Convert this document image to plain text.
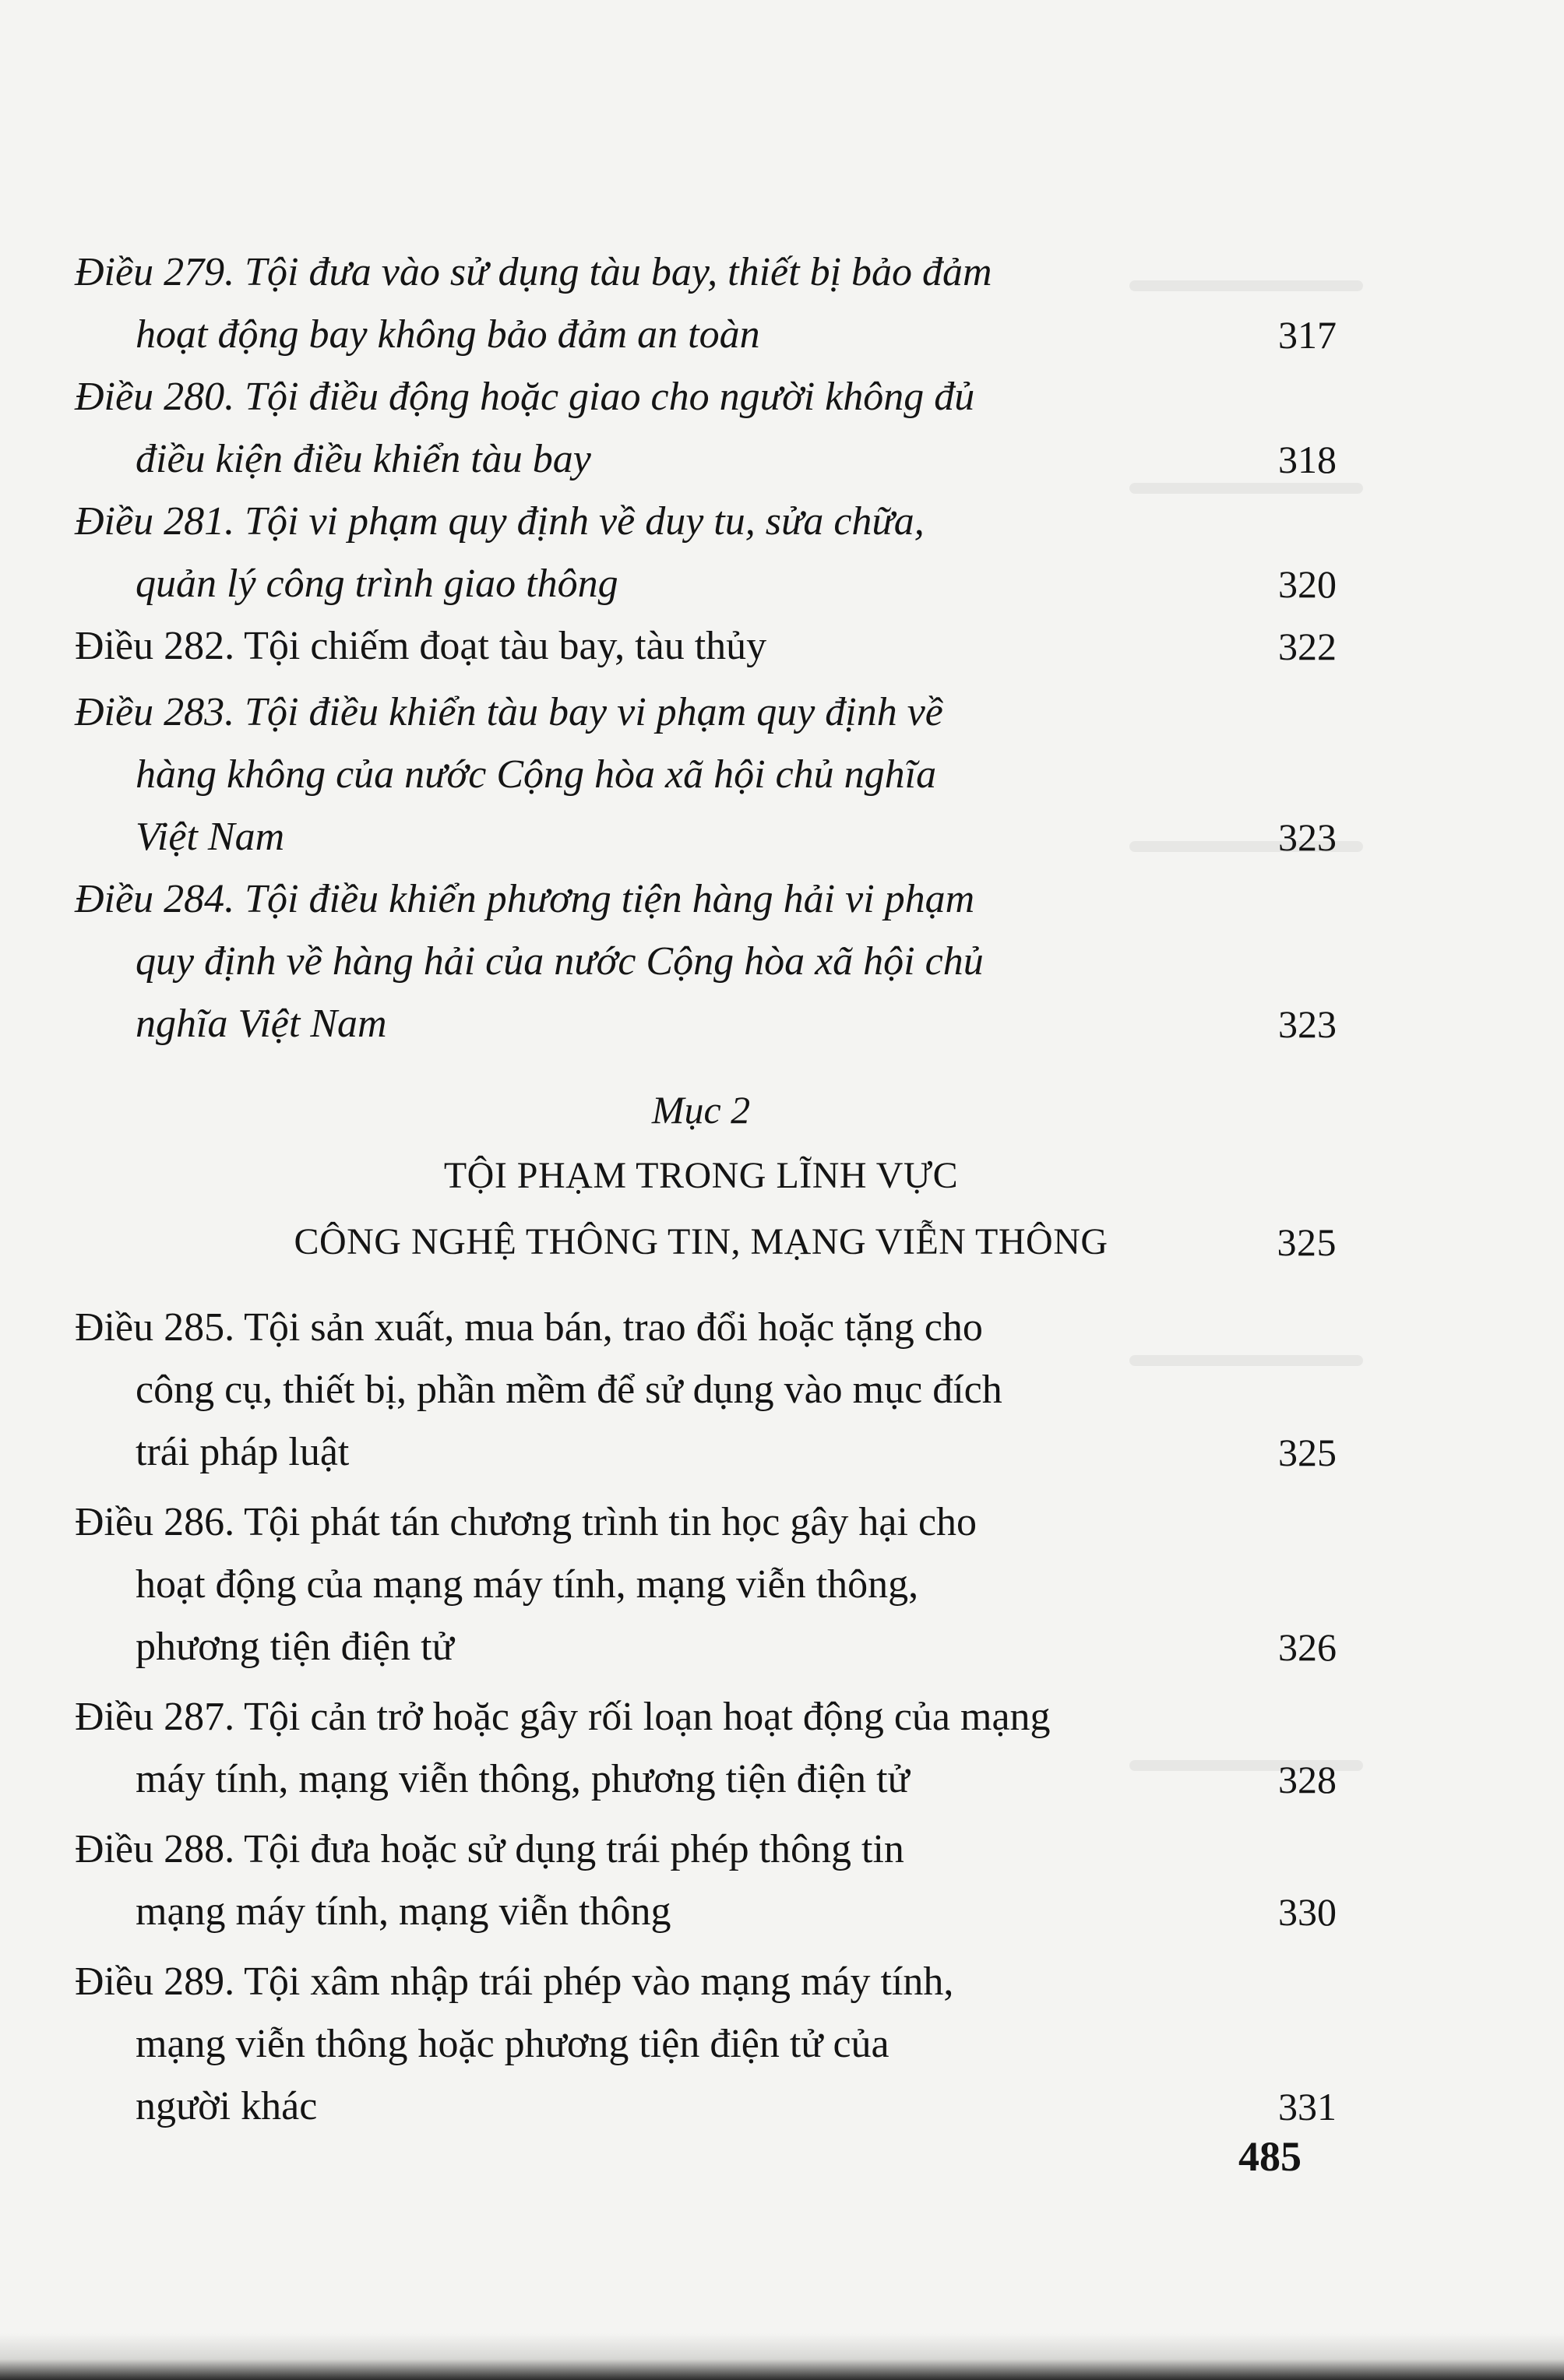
Điều 279. Tội đưa vào sử dụng tàu bay, thiết bị bảo đảm
hoạt động bay không bảo đảm an toàn	317
Điều 280. Tội điều động hoặc giao cho người không đủ
điều kiện điều khiển tàu bay	318
Điều 281. Tội vi phạm quy định về duy tu, sửa chữa,
quản lý công trình giao thông	320
Điều 282. Tội chiếm đoạt tàu bay, tàu thủy	322
Điều 283. Tội điều khiển tàu bay vi phạm quy định về
hàng không của nước Cộng hòa xã hội chủ nghĩa
Việt Nam	323
Điều 284. Tội điều khiển phương tiện hàng hải vi phạm
quy định về hàng hải của nước Cộng hòa xã hội chủ
nghĩa Việt Nam	323
Mục 2
TỘI PHẠM TRONG LĨNH VỰC
CÔNG NGHỆ THÔNG TIN, MẠNG VIỄN THÔNG	325
Điều 285. Tội sản xuất, mua bán, trao đổi hoặc tặng cho
công cụ, thiết bị, phần mềm để sử dụng vào mục đích
trái pháp luật	325
Điều 286. Tội phát tán chương trình tin học gây hại cho
hoạt động của mạng máy tính, mạng viễn thông,
phương tiện điện tử	326
Điều 287. Tội cản trở hoặc gây rối loạn hoạt động của mạng
máy tính, mạng viễn thông, phương tiện điện tử	328
Điều 288. Tội đưa hoặc sử dụng trái phép thông tin
mạng máy tính, mạng viễn thông	330
Điều 289. Tội xâm nhập trái phép vào mạng máy tính,
mạng viễn thông hoặc phương tiện điện tử của
người khác	331
485
